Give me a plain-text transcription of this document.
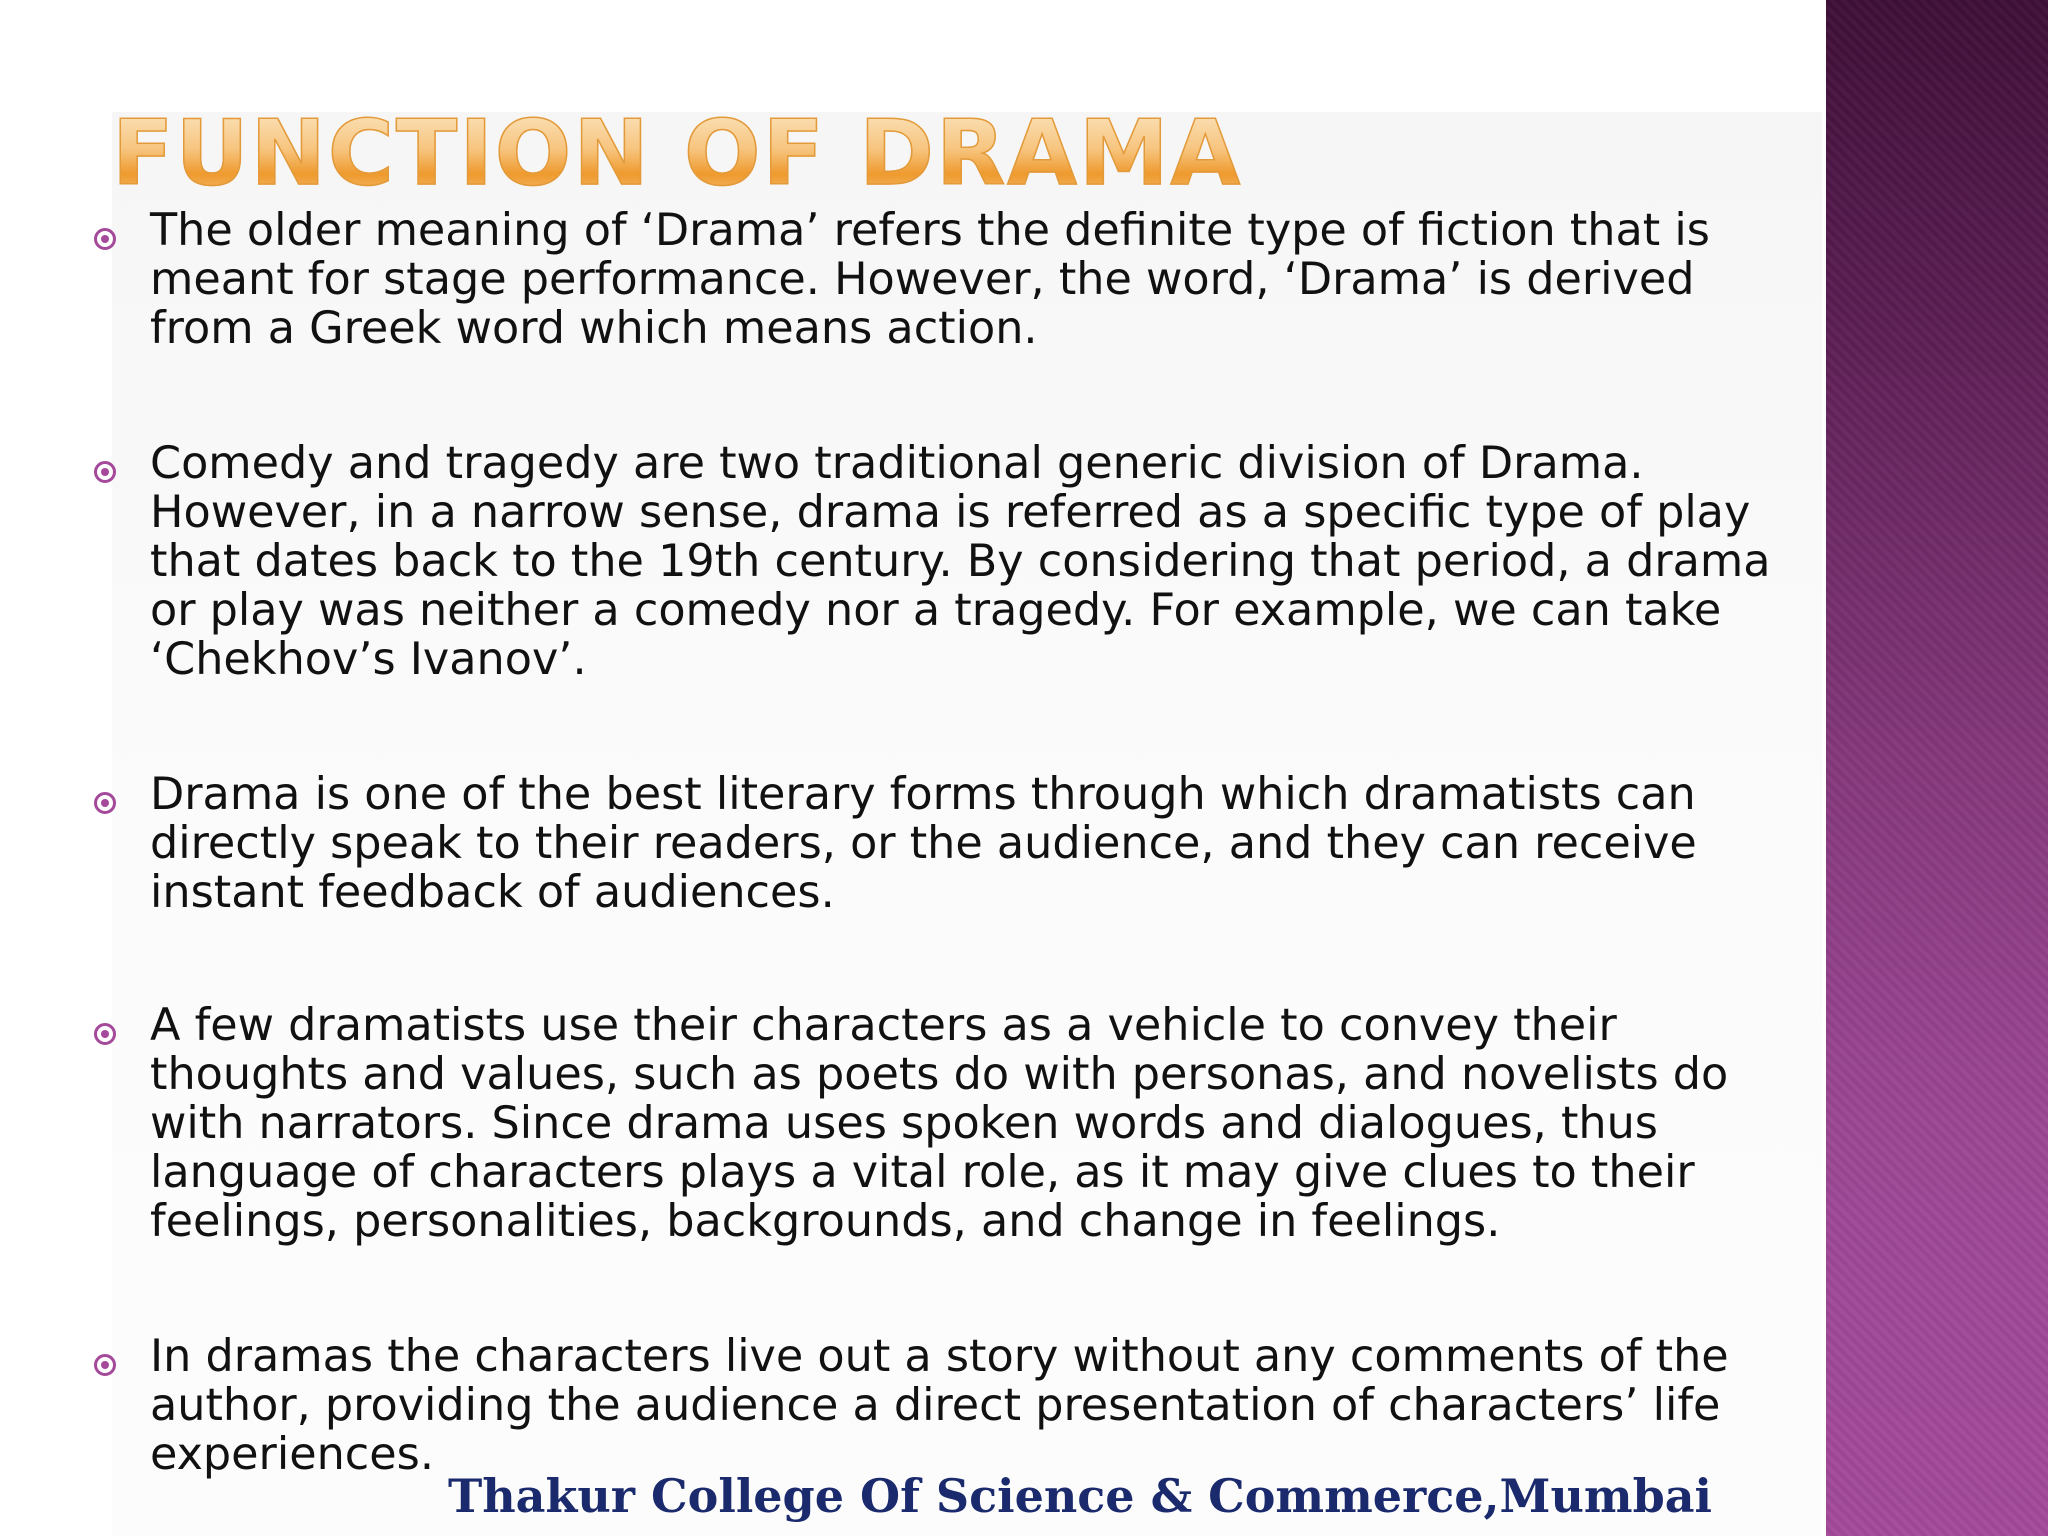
FUNCTION OF DRAMA

The older meaning of ‘Drama’ refers the definite type of fiction that is meant for stage performance. However, the word, ‘Drama’ is derived from a Greek word which means action.

Comedy and tragedy are two traditional generic division of Drama. However, in a narrow sense, drama is referred as a specific type of play that dates back to the 19th century. By considering that period, a drama or play was neither a comedy nor a tragedy. For example, we can take ‘Chekhov’s Ivanov’.

Drama is one of the best literary forms through which dramatists can directly speak to their readers, or the audience, and they can receive instant feedback of audiences.

A few dramatists use their characters as a vehicle to convey their thoughts and values, such as poets do with personas, and novelists do with narrators. Since drama uses spoken words and dialogues, thus language of characters plays a vital role, as it may give clues to their feelings, personalities, backgrounds, and change in feelings.

In dramas the characters live out a story without any comments of the author, providing the audience a direct presentation of characters’ life experiences.

Thakur College Of Science & Commerce,Mumbai
